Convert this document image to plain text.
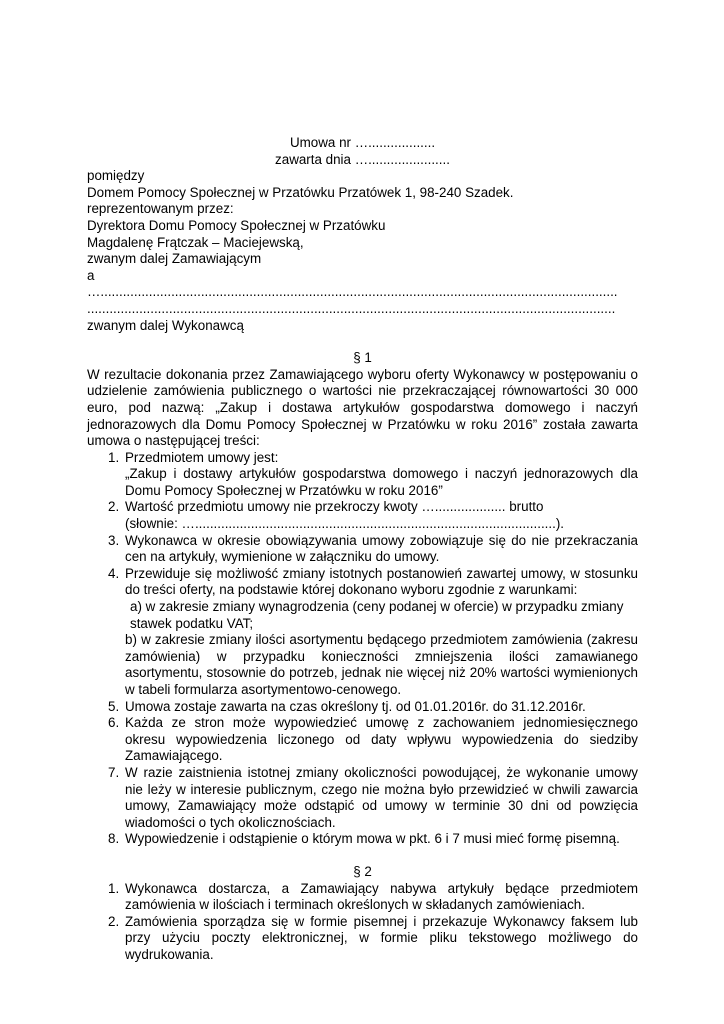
Umowa nr …..................

zawarta dnia …......................

pomiędzy

Domem Pomocy Społecznej w Przatówku Przatówek 1, 98-240 Szadek.

reprezentowanym przez:

Dyrektora Domu Pomocy Społecznej w Przatówku

Magdalenę Frątczak – Maciejewską,

zwanym dalej Zamawiającym

a

…...........................................................................................................................................

..............................................................................................................................................

zwanym dalej Wykonawcą

§ 1

W rezultacie dokonania przez Zamawiającego wyboru oferty Wykonawcy w postępowaniu o udzielenie zamówienia publicznego o wartości nie przekraczającej równowartości 30 000 euro, pod nazwą: „Zakup i dostawa artykułów gospodarstwa domowego i naczyń jednorazowych dla Domu Pomocy Społecznej w Przatówku w roku 2016” została zawarta umowa o następującej treści:

1. Przedmiotem umowy jest:
„Zakup i dostawy artykułów gospodarstwa domowego i naczyń jednorazowych dla Domu Pomocy Społecznej w Przatówku w roku 2016”
2. Wartość przedmiotu umowy nie przekroczy kwoty …................... brutto
(słownie: ….................................................................................................).
3. Wykonawca w okresie obowiązywania umowy zobowiązuje się do nie przekraczania cen na artykuły, wymienione w załączniku do umowy.
4. Przewiduje się możliwość zmiany istotnych postanowień zawartej umowy, w stosunku do treści oferty, na podstawie której dokonano wyboru zgodnie z warunkami:
a) w zakresie zmiany wynagrodzenia (ceny podanej w ofercie) w przypadku zmiany stawek podatku VAT;
b) w zakresie zmiany ilości asortymentu będącego przedmiotem zamówienia (zakresu zamówienia) w przypadku konieczności zmniejszenia ilości zamawianego asortymentu, stosownie do potrzeb, jednak nie więcej niż 20% wartości wymienionych w tabeli formularza asortymentowo-cenowego.
5. Umowa zostaje zawarta na czas określony tj. od 01.01.2016r. do 31.12.2016r.
6. Każda ze stron może wypowiedzieć umowę z zachowaniem jednomiesięcznego okresu wypowiedzenia liczonego od daty wpływu wypowiedzenia do siedziby Zamawiającego.
7. W razie zaistnienia istotnej zmiany okoliczności powodującej, że wykonanie umowy nie leży w interesie publicznym, czego nie można było przewidzieć w chwili zawarcia umowy, Zamawiający może odstąpić od umowy w terminie 30 dni od powzięcia wiadomości o tych okolicznościach.
8. Wypowiedzenie i odstąpienie o którym mowa w pkt. 6 i 7 musi mieć formę pisemną.

§ 2

1. Wykonawca dostarcza, a Zamawiający nabywa artykuły będące przedmiotem zamówienia w ilościach i terminach określonych w składanych zamówieniach.
2. Zamówienia sporządza się w formie pisemnej i przekazuje Wykonawcy faksem lub przy użyciu poczty elektronicznej, w formie pliku tekstowego możliwego do wydrukowania.
